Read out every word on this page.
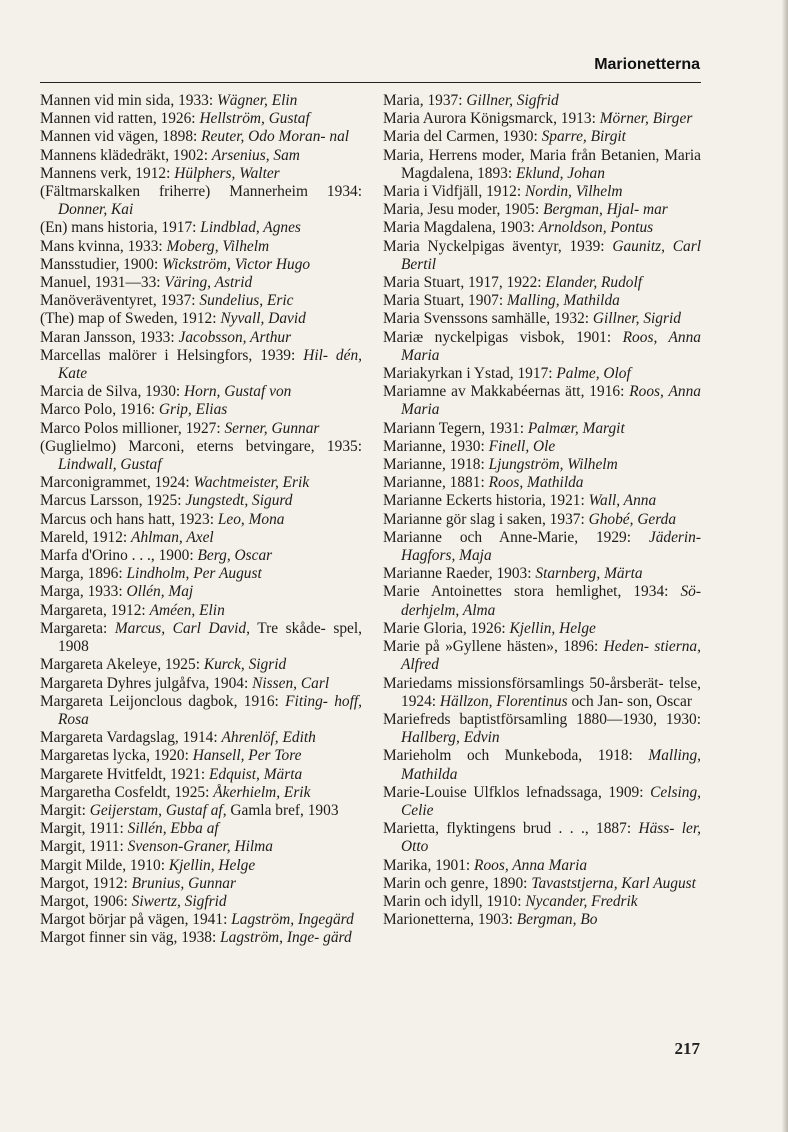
Marionetterna

Mannen vid min sida, 1933: Wägner, Elin

Mannen vid ratten, 1926: Hellström, Gustaf

Mannen vid vägen, 1898: Reuter, Odo Moran- nal

Mannens klädedräkt, 1902: Arsenius, Sam

Mannens verk, 1912: Hülphers, Walter

(Fältmarskalken friherre) Mannerheim 1934: Donner, Kai

(En) mans historia, 1917: Lindblad, Agnes

Mans kvinna, 1933: Moberg, Vilhelm

Mansstudier, 1900: Wickström, Victor Hugo

Manuel, 1931—33: Väring, Astrid

Manöveräventyret, 1937: Sundelius, Eric

(The) map of Sweden, 1912: Nyvall, David

Maran Jansson, 1933: Jacobsson, Arthur

Marcellas malörer i Helsingfors, 1939: Hil- dén, Kate

Marcia de Silva, 1930: Horn, Gustaf von

Marco Polo, 1916: Grip, Elias

Marco Polos millioner, 1927: Serner, Gunnar

(Guglielmo) Marconi, eterns betvingare, 1935: Lindwall, Gustaf

Marconigrammet, 1924: Wachtmeister, Erik

Marcus Larsson, 1925: Jungstedt, Sigurd

Marcus och hans hatt, 1923: Leo, Mona

Mareld, 1912: Ahlman, Axel

Marfa d'Orino . . ., 1900: Berg, Oscar

Marga, 1896: Lindholm, Per August

Marga, 1933: Ollén, Maj

Margareta, 1912: Améen, Elin

Margareta: Marcus, Carl David, Tre skåde- spel, 1908

Margareta Akeleye, 1925: Kurck, Sigrid

Margareta Dyhres julgåfva, 1904: Nissen, Carl

Margareta Leijonclous dagbok, 1916: Fiting- hoff, Rosa

Margareta Vardagslag, 1914: Ahrenlöf, Edith

Margaretas lycka, 1920: Hansell, Per Tore

Margarete Hvitfeldt, 1921: Edquist, Märta

Margaretha Cosfeldt, 1925: Åkerhielm, Erik

Margit: Geijerstam, Gustaf af, Gamla bref, 1903

Margit, 1911: Sillén, Ebba af

Margit, 1911: Svenson-Graner, Hilma

Margit Milde, 1910: Kjellin, Helge

Margot, 1912: Brunius, Gunnar

Margot, 1906: Siwertz, Sigfrid

Margot börjar på vägen, 1941: Lagström, Ingegärd

Margot finner sin väg, 1938: Lagström, Inge- gärd

Maria, 1937: Gillner, Sigfrid

Maria Aurora Königsmarck, 1913: Mörner, Birger

Maria del Carmen, 1930: Sparre, Birgit

Maria, Herrens moder, Maria från Betanien, Maria Magdalena, 1893: Eklund, Johan

Maria i Vidfjäll, 1912: Nordin, Vilhelm

Maria, Jesu moder, 1905: Bergman, Hjal- mar

Maria Magdalena, 1903: Arnoldson, Pontus

Maria Nyckelpigas äventyr, 1939: Gaunitz, Carl Bertil

Maria Stuart, 1917, 1922: Elander, Rudolf

Maria Stuart, 1907: Malling, Mathilda

Maria Svenssons samhälle, 1932: Gillner, Sigrid

Mariæ nyckelpigas visbok, 1901: Roos, Anna Maria

Mariakyrkan i Ystad, 1917: Palme, Olof

Mariamne av Makkabéernas ätt, 1916: Roos, Anna Maria

Mariann Tegern, 1931: Palmær, Margit

Marianne, 1930: Finell, Ole

Marianne, 1918: Ljungström, Wilhelm

Marianne, 1881: Roos, Mathilda

Marianne Eckerts historia, 1921: Wall, Anna

Marianne gör slag i saken, 1937: Ghobé, Gerda

Marianne och Anne-Marie, 1929: Jäderin- Hagfors, Maja

Marianne Raeder, 1903: Starnberg, Märta

Marie Antoinettes stora hemlighet, 1934: Sö- derhjelm, Alma

Marie Gloria, 1926: Kjellin, Helge

Marie på »Gyllene hästen», 1896: Heden- stierna, Alfred

Mariedams missionsförsamlings 50-årsberät- telse, 1924: Hällzon, Florentinus och Jan- son, Oscar

Mariefreds baptistförsamling 1880—1930, 1930: Hallberg, Edvin

Marieholm och Munkeboda, 1918: Malling, Mathilda

Marie-Louise Ulfklos lefnadssaga, 1909: Celsing, Celie

Marietta, flyktingens brud . . ., 1887: Häss- ler, Otto

Marika, 1901: Roos, Anna Maria

Marin och genre, 1890: Tavaststjerna, Karl August

Marin och idyll, 1910: Nycander, Fredrik

Marionetterna, 1903: Bergman, Bo

217
